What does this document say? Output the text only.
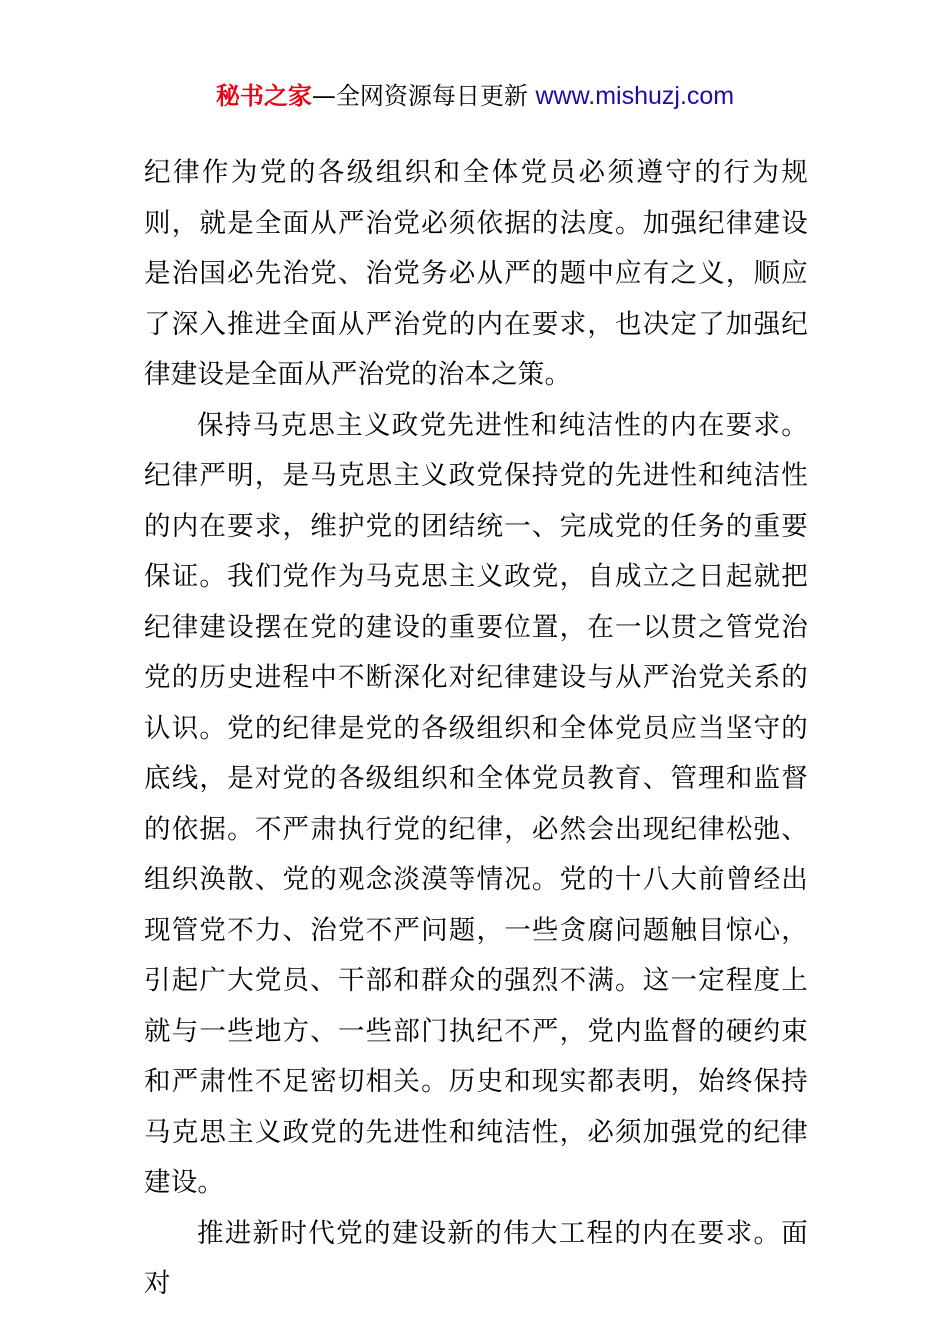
秘书之家—全网资源每日更新 www.mishuzj.com

纪律作为党的各级组织和全体党员必须遵守的行为规则，就是全面从严治党必须依据的法度。加强纪律建设是治国必先治党、治党务必从严的题中应有之义，顺应了深入推进全面从严治党的内在要求，也决定了加强纪律建设是全面从严治党的治本之策。

保持马克思主义政党先进性和纯洁性的内在要求。纪律严明，是马克思主义政党保持党的先进性和纯洁性的内在要求，维护党的团结统一、完成党的任务的重要保证。我们党作为马克思主义政党，自成立之日起就把纪律建设摆在党的建设的重要位置，在一以贯之管党治党的历史进程中不断深化对纪律建设与从严治党关系的认识。党的纪律是党的各级组织和全体党员应当坚守的底线，是对党的各级组织和全体党员教育、管理和监督的依据。不严肃执行党的纪律，必然会出现纪律松弛、组织涣散、党的观念淡漠等情况。党的十八大前曾经出现管党不力、治党不严问题，一些贪腐问题触目惊心，引起广大党员、干部和群众的强烈不满。这一定程度上就与一些地方、一些部门执纪不严，党内监督的硬约束和严肃性不足密切相关。历史和现实都表明，始终保持马克思主义政党的先进性和纯洁性，必须加强党的纪律建设。

推进新时代党的建设新的伟大工程的内在要求。面对
